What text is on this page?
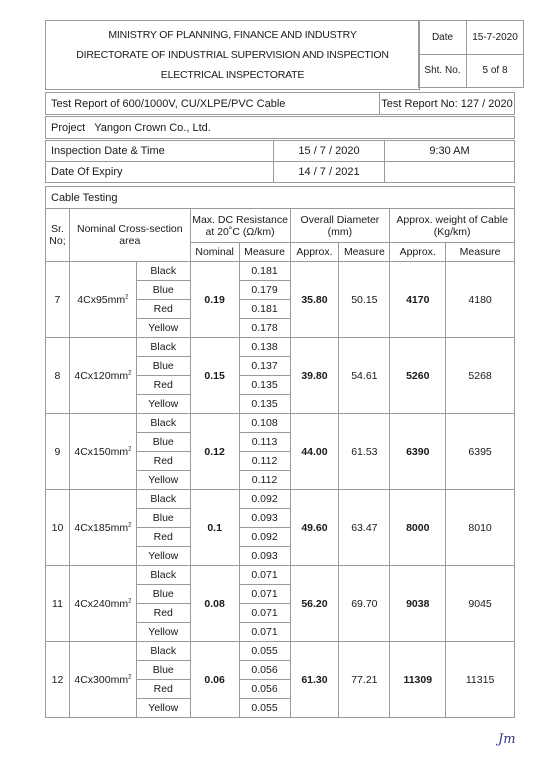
MINISTRY OF PLANNING, FINANCE AND INDUSTRY
DIRECTORATE OF INDUSTRIAL SUPERVISION AND INSPECTION
ELECTRICAL INSPECTORATE
Date	15-7-2020
Sht. No.	5 of 8
Test Report of 600/1000V, CU/XLPE/PVC Cable	Test Report No: 127 / 2020
Project Yangon Crown Co., Ltd.
Inspection Date & Time	15 / 7 / 2020	9:30 AM
Date Of Expiry	14 / 7 / 2021	
Cable Testing
Sr. No;	Nominal Cross-section area		Max. DC Resistance at 20˚C (Ω/km)		Overall Diameter (mm)		Approx. weight of Cable (Kg/km)	
			Nominal	Measure	Approx.	Measure	Approx.	Measure
7	$4Cx95mm^2$	Black	0.19	0.181	35.80	50.15	4170	4180
		Blue		0.179				
		Red		0.181				
		Yellow		0.178				
8	$4Cx120mm^2$	Black	0.15	0.138	39.80	54.61	5260	5268
		Blue		0.137				
		Red		0.135				
		Yellow		0.135				
9	$4Cx150mm^2$	Black	0.12	0.108	44.00	61.53	6390	6395
		Blue		0.113				
		Red		0.112				
		Yellow		0.112				
10	$4Cx185mm^2$	Black	0.1	0.092	49.60	63.47	8000	8010
		Blue		0.093				
		Red		0.092				
		Yellow		0.093				
11	$4Cx240mm^2$	Black	0.08	0.071	56.20	69.70	9038	9045
		Blue		0.071				
		Red		0.071				
		Yellow		0.071				
12	$4Cx300mm^2$	Black	0.06	0.055	61.30	77.21	11309	11315
		Blue		0.056				
		Red		0.056				
		Yellow		0.055				
Jm
